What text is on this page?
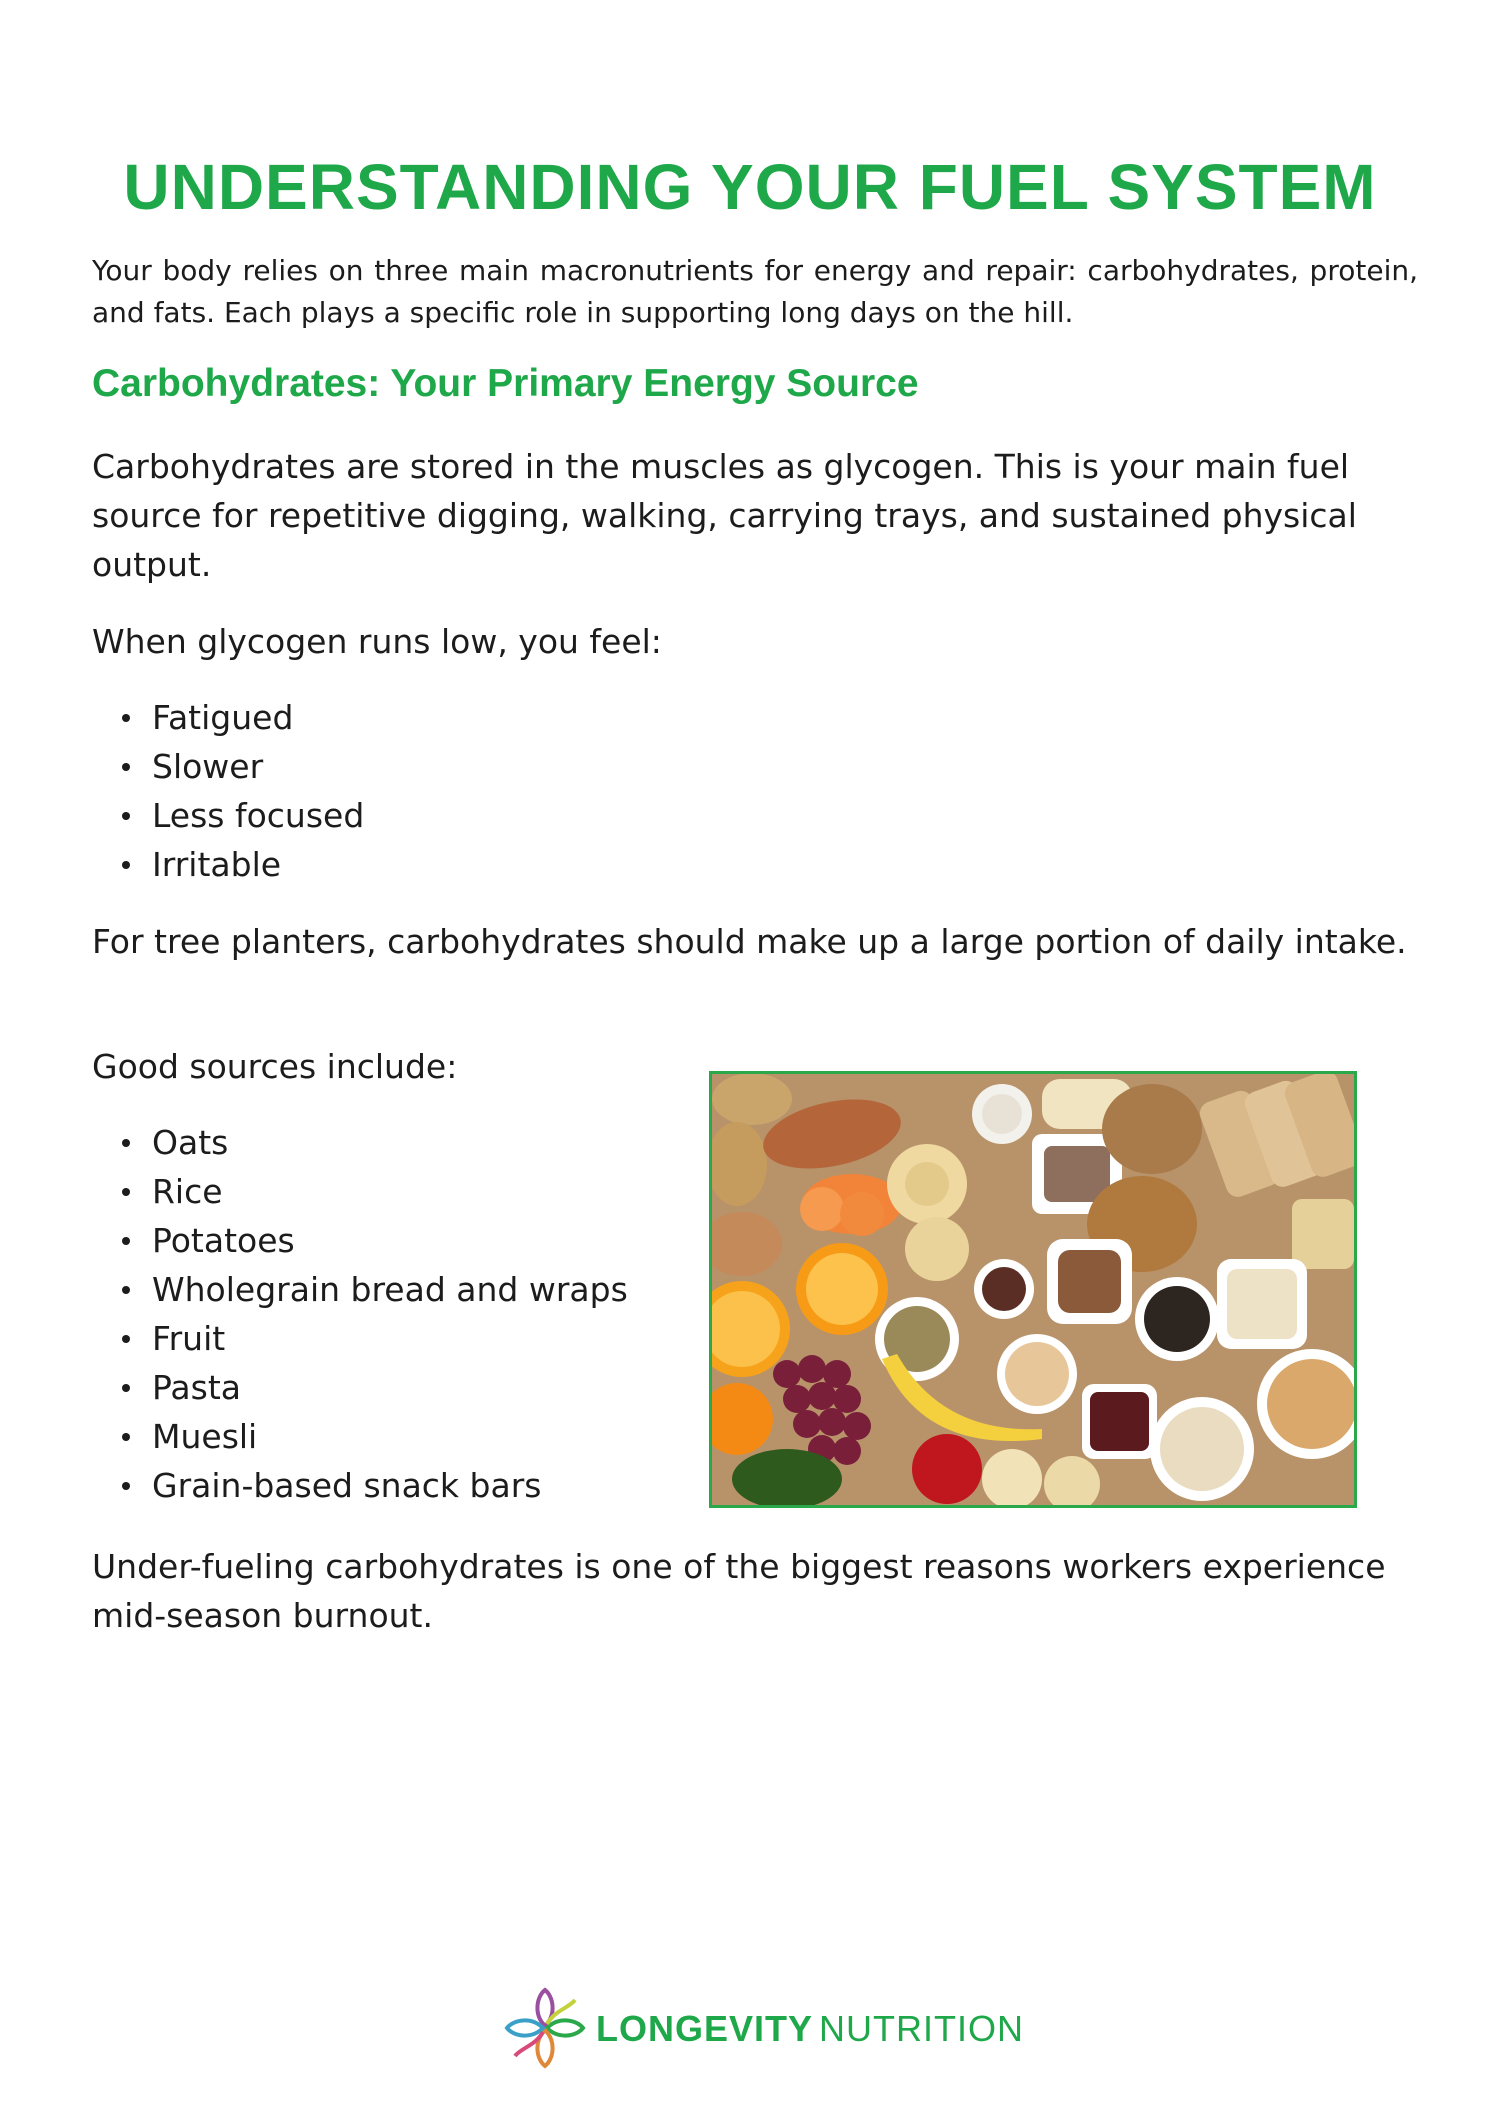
UNDERSTANDING YOUR FUEL SYSTEM

Your body relies on three main macronutrients for energy and repair: carbohydrates, protein, and fats. Each plays a specific role in supporting long days on the hill.

Carbohydrates: Your Primary Energy Source

Carbohydrates are stored in the muscles as glycogen. This is your main fuel source for repetitive digging, walking, carrying trays, and sustained physical output.

When glycogen runs low, you feel:

Fatigued
Slower
Less focused
Irritable

For tree planters, carbohydrates should make up a large portion of daily intake.

Good sources include:

Oats
Rice
Potatoes
Wholegrain bread and wraps
Fruit
Pasta
Muesli
Grain-based snack bars

Under-fueling carbohydrates is one of the biggest reasons workers experience mid-season burnout.

LONGEVITY NUTRITION
